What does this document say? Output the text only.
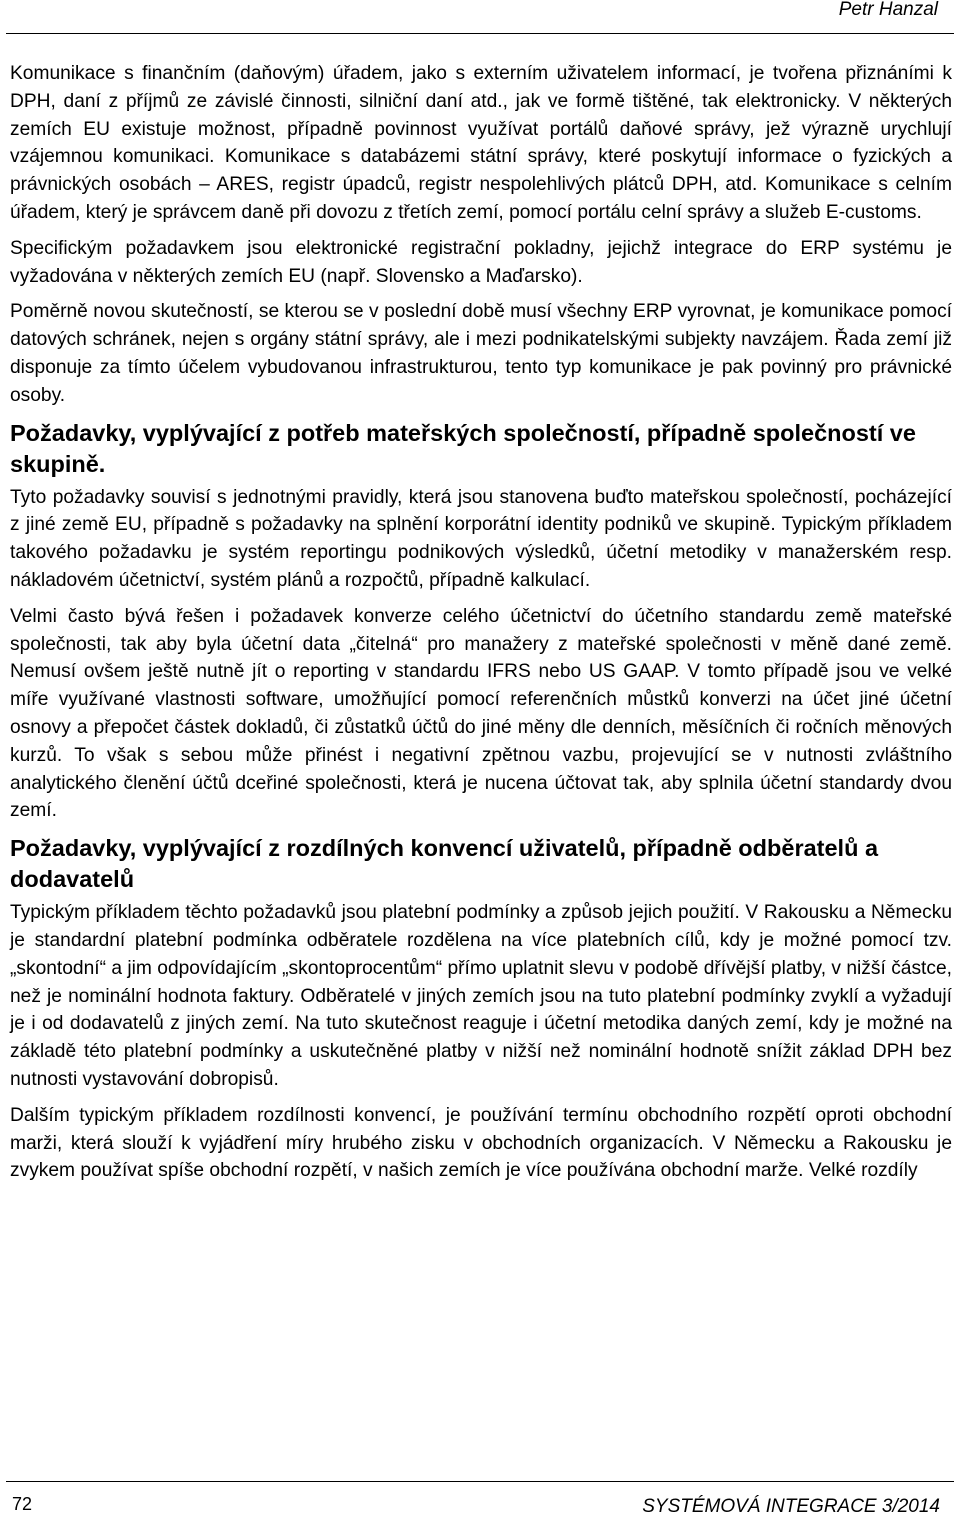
Petr Hanzal

Komunikace s finančním (daňovým) úřadem, jako s externím uživatelem informací, je tvořena přiznáními k DPH, daní z příjmů ze závislé činnosti, silniční daní atd., jak ve formě tištěné, tak elektronicky. V některých zemích EU existuje možnost, případně povinnost využívat portálů daňové správy, jež výrazně urychlují vzájemnou komunikaci. Komunikace s databázemi státní správy, které poskytují informace o fyzických a právnických osobách – ARES, registr úpadců, registr nespolehlivých plátců DPH, atd. Komunikace s celním úřadem, který je správcem daně při dovozu z třetích zemí, pomocí portálu celní správy a služeb E-customs.

Specifickým požadavkem jsou elektronické registrační pokladny, jejichž integrace do ERP systému je vyžadována v některých zemích EU (např. Slovensko a Maďarsko).

Poměrně novou skutečností, se kterou se v poslední době musí všechny ERP vyrovnat, je komunikace pomocí datových schránek, nejen s orgány státní správy, ale i mezi podnikatelskými subjekty navzájem. Řada zemí již disponuje za tímto účelem vybudovanou infrastrukturou, tento typ komunikace je pak povinný pro právnické osoby.

Požadavky, vyplývající z potřeb mateřských společností, případně společností ve skupině.

Tyto požadavky souvisí s jednotnými pravidly, která jsou stanovena buďto mateřskou společností, pocházející z jiné země EU, případně s požadavky na splnění korporátní identity podniků ve skupině. Typickým příkladem takového požadavku je systém reportingu podnikových výsledků, účetní metodiky v manažerském resp. nákladovém účetnictví, systém plánů a rozpočtů, případně kalkulací.

Velmi často bývá řešen i požadavek konverze celého účetnictví do účetního standardu země mateřské společnosti, tak aby byla účetní data „čitelná“ pro manažery z mateřské společnosti v měně dané země. Nemusí ovšem ještě nutně jít o reporting v standardu IFRS nebo US GAAP. V tomto případě jsou ve velké míře využívané vlastnosti software, umožňující pomocí referenčních můstků konverzi na účet jiné účetní osnovy a přepočet částek dokladů, či zůstatků účtů do jiné měny dle denních, měsíčních či ročních měnových kurzů. To však s sebou může přinést i negativní zpětnou vazbu, projevující se v nutnosti zvláštního analytického členění účtů dceřiné společnosti, která je nucena účtovat tak, aby splnila účetní standardy dvou zemí.

Požadavky, vyplývající z rozdílných konvencí uživatelů, případně odběratelů a dodavatelů

Typickým příkladem těchto požadavků jsou platební podmínky a způsob jejich použití. V Rakousku a Německu je standardní platební podmínka odběratele rozdělena na více platebních cílů, kdy je možné pomocí tzv. „skontodní“ a jim odpovídajícím „skontoprocentům“ přímo uplatnit slevu v podobě dřívější platby, v nižší částce, než je nominální hodnota faktury. Odběratelé v jiných zemích jsou na tuto platební podmínky zvyklí a vyžadují je i od dodavatelů z jiných zemí. Na tuto skutečnost reaguje i účetní metodika daných zemí, kdy je možné na základě této platební podmínky a uskutečněné platby v nižší než nominální hodnotě snížit základ DPH bez nutnosti vystavování dobropisů.

Dalším typickým příkladem rozdílnosti konvencí, je používání termínu obchodního rozpětí oproti obchodní marži, která slouží k vyjádření míry hrubého zisku v obchodních organizacích. V Německu a Rakousku je zvykem používat spíše obchodní rozpětí, v našich zemích je více používána obchodní marže. Velké rozdíly

72	SYSTÉMOVÁ INTEGRACE 3/2014
